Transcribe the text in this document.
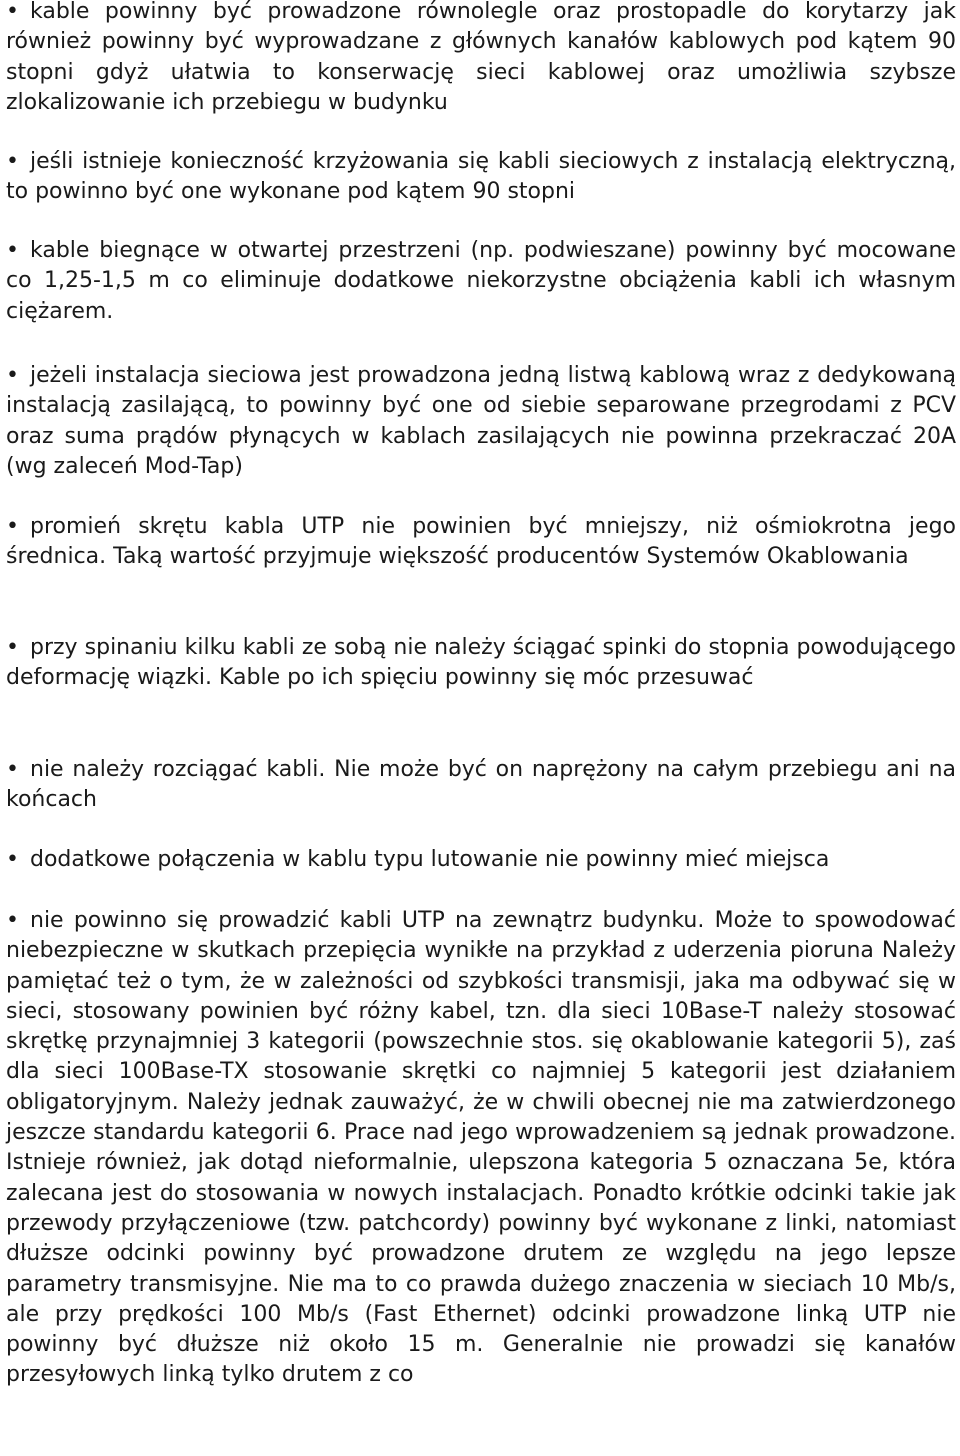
• kable powinny być prowadzone równolegle oraz prostopadle do korytarzy jak również powinny być wyprowadzane z głównych kanałów kablowych pod kątem 90 stopni gdyż ułatwia to konserwację sieci kablowej oraz umożliwia szybsze zlokalizowanie ich przebiegu w budynku

• jeśli istnieje konieczność krzyżowania się kabli sieciowych z instalacją elektryczną, to powinno być one wykonane pod kątem 90 stopni

• kable biegnące w otwartej przestrzeni (np. podwieszane) powinny być mocowane co 1,25-1,5 m co eliminuje dodatkowe niekorzystne obciążenia kabli ich własnym ciężarem.

• jeżeli instalacja sieciowa jest prowadzona jedną listwą kablową wraz z dedykowaną instalacją zasilającą, to powinny być one od siebie separowane przegrodami z PCV oraz suma prądów płynących w kablach zasilających nie powinna przekraczać 20A (wg zaleceń Mod-Tap)

• promień skrętu kabla UTP nie powinien być mniejszy, niż ośmiokrotna jego średnica. Taką wartość przyjmuje większość producentów Systemów Okablowania

• przy spinaniu kilku kabli ze sobą nie należy ściągać spinki do stopnia powodującego deformację wiązki. Kable po ich spięciu powinny się móc przesuwać

• nie należy rozciągać kabli. Nie może być on naprężony na całym przebiegu ani na końcach

• dodatkowe połączenia w kablu typu lutowanie nie powinny mieć miejsca

• nie powinno się prowadzić kabli UTP na zewnątrz budynku. Może to spowodować niebezpieczne w skutkach przepięcia wynikłe na przykład z uderzenia pioruna Należy pamiętać też o tym, że w zależności od szybkości transmisji, jaka ma odbywać się w sieci, stosowany powinien być różny kabel, tzn. dla sieci 10Base-T należy stosować skrętkę przynajmniej 3 kategorii (powszechnie stos. się okablowanie kategorii 5), zaś dla sieci 100Base-TX stosowanie skrętki co najmniej 5 kategorii jest działaniem obligatoryjnym. Należy jednak zauważyć, że w chwili obecnej nie ma zatwierdzonego jeszcze standardu kategorii 6. Prace nad jego wprowadzeniem są jednak prowadzone. Istnieje również, jak dotąd nieformalnie, ulepszona kategoria 5 oznaczana 5e, która zalecana jest do stosowania w nowych instalacjach. Ponadto krótkie odcinki takie jak przewody przyłączeniowe (tzw. patchcordy) powinny być wykonane z linki, natomiast dłuższe odcinki powinny być prowadzone drutem ze względu na jego lepsze parametry transmisyjne. Nie ma to co prawda dużego znaczenia w sieciach 10 Mb/s, ale przy prędkości 100 Mb/s (Fast Ethernet) odcinki prowadzone linką UTP nie powinny być dłuższe niż około 15 m. Generalnie nie prowadzi się kanałów przesyłowych linką tylko drutem z co
